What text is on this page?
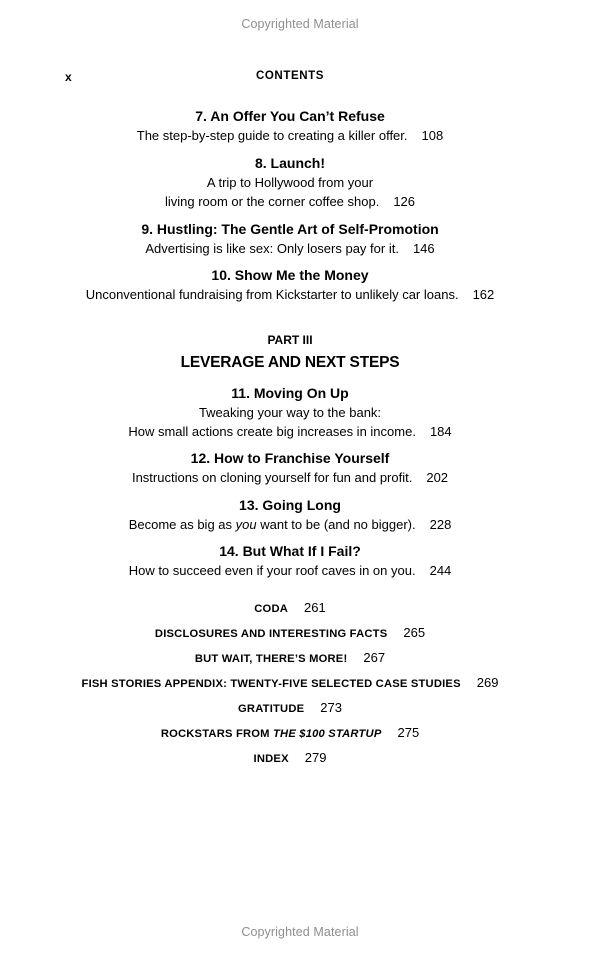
Copyrighted Material
x	CONTENTS
7. An Offer You Can’t Refuse
The step-by-step guide to creating a killer offer. 108
8. Launch!
A trip to Hollywood from your
living room or the corner coffee shop. 126
9. Hustling: The Gentle Art of Self-Promotion
Advertising is like sex: Only losers pay for it. 146
10. Show Me the Money
Unconventional fundraising from Kickstarter to unlikely car loans. 162
PART III
LEVERAGE AND NEXT STEPS
11. Moving On Up
Tweaking your way to the bank:
How small actions create big increases in income. 184
12. How to Franchise Yourself
Instructions on cloning yourself for fun and profit. 202
13. Going Long
Become as big as you want to be (and no bigger). 228
14. But What If I Fail?
How to succeed even if your roof caves in on you. 244
CODA 261
DISCLOSURES AND INTERESTING FACTS 265
BUT WAIT, THERE’S MORE! 267
FISH STORIES APPENDIX: TWENTY-FIVE SELECTED CASE STUDIES 269
GRATITUDE 273
ROCKSTARS FROM THE $100 STARTUP 275
INDEX 279
Copyrighted Material
